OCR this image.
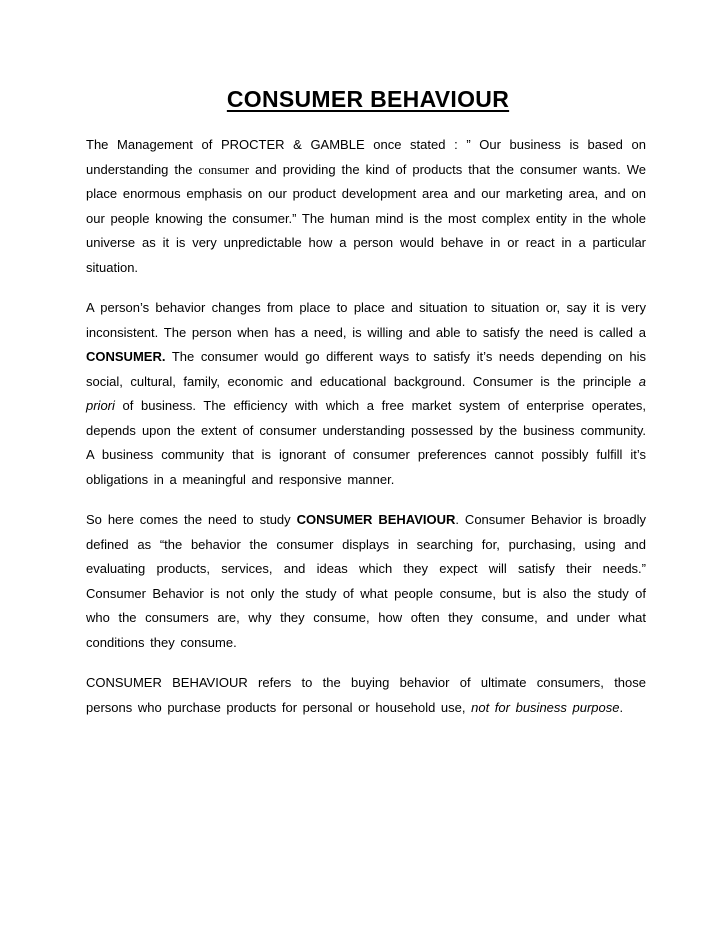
CONSUMER BEHAVIOUR

The Management of PROCTER & GAMBLE once stated : ” Our business is based on understanding the consumer and providing the kind of products that the consumer wants. We place enormous emphasis on our product development area and our marketing area, and on our people knowing the consumer.” The human mind is the most complex entity in the whole universe as it is very unpredictable how a person would behave in or react in a particular situation.

A person’s behavior changes from place to place and situation to situation or, say it is very inconsistent. The person when has a need, is willing and able to satisfy the need is called a CONSUMER. The consumer would go different ways to satisfy it’s needs depending on his social, cultural, family, economic and educational background. Consumer is the principle a priori of business. The efficiency with which a free market system of enterprise operates, depends upon the extent of consumer understanding possessed by the business community. A business community that is ignorant of consumer preferences cannot possibly fulfill it’s obligations in a meaningful and responsive manner.

So here comes the need to study CONSUMER BEHAVIOUR. Consumer Behavior is broadly defined as “the behavior the consumer displays in searching for, purchasing, using and evaluating products, services, and ideas which they expect will satisfy their needs.” Consumer Behavior is not only the study of what people consume, but is also the study of who the consumers are, why they consume, how often they consume, and under what conditions they consume.

CONSUMER BEHAVIOUR refers to the buying behavior of ultimate consumers, those persons who purchase products for personal or household use, not for business purpose.
